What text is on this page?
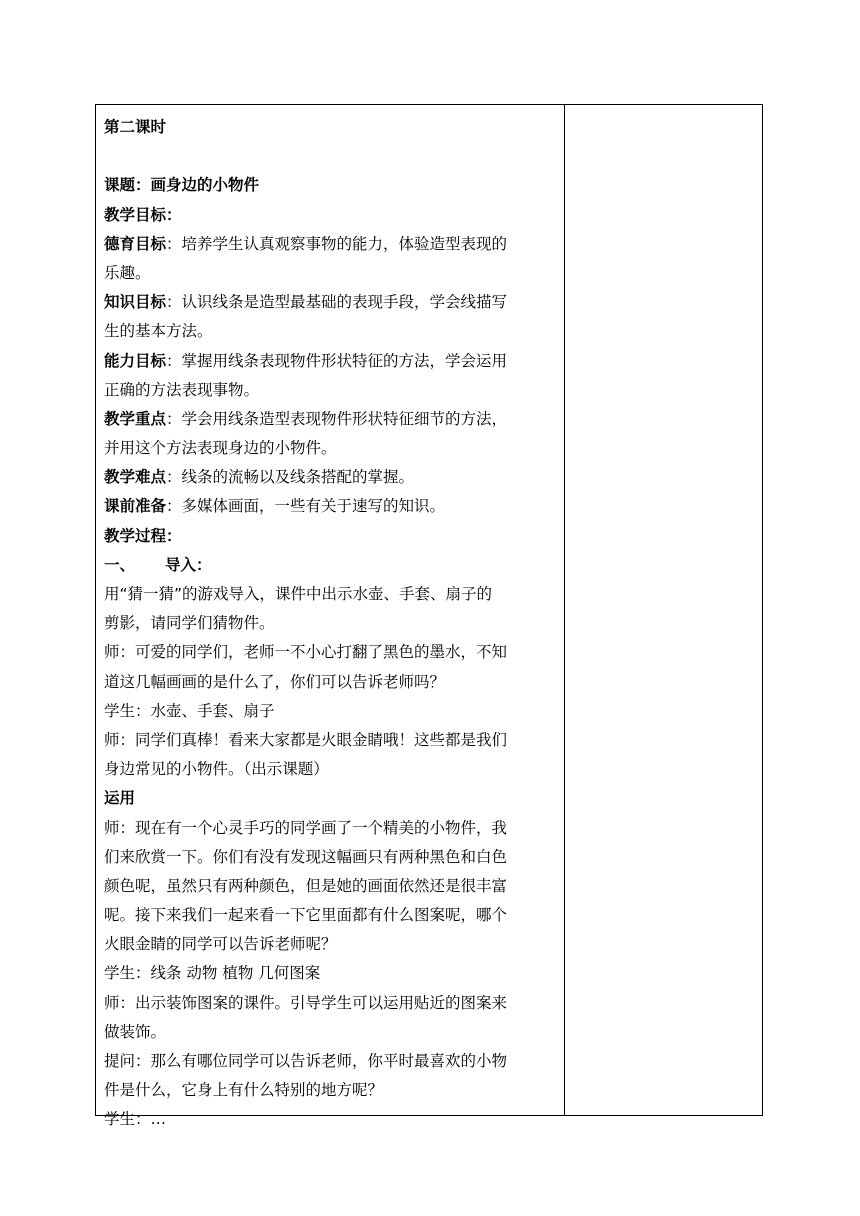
第二课时
课题：画身边的小物件
教学目标：
德育目标：培养学生认真观察事物的能力，体验造型表现的
乐趣。
知识目标：认识线条是造型最基础的表现手段，学会线描写
生的基本方法。
能力目标：掌握用线条表现物件形状特征的方法，学会运用
正确的方法表现事物。
教学重点：学会用线条造型表现物件形状特征细节的方法，
并用这个方法表现身边的小物件。
教学难点：线条的流畅以及线条搭配的掌握。
课前准备：多媒体画面，一些有关于速写的知识。
教学过程：
一、 导入：
用“猜一猜”的游戏导入，课件中出示水壶、手套、扇子的
剪影，请同学们猜物件。
师：可爱的同学们，老师一不小心打翻了黑色的墨水，不知
道这几幅画画的是什么了，你们可以告诉老师吗？
学生：水壶、手套、扇子
师：同学们真棒！看来大家都是火眼金睛哦！这些都是我们
身边常见的小物件。（出示课题）
运用
师：现在有一个心灵手巧的同学画了一个精美的小物件，我
们来欣赏一下。你们有没有发现这幅画只有两种黑色和白色
颜色呢，虽然只有两种颜色，但是她的画面依然还是很丰富
呢。接下来我们一起来看一下它里面都有什么图案呢，哪个
火眼金睛的同学可以告诉老师呢？
学生：线条 动物 植物 几何图案
师：出示装饰图案的课件。引导学生可以运用贴近的图案来
做装饰。
提问：那么有哪位同学可以告诉老师，你平时最喜欢的小物
件是什么，它身上有什么特别的地方呢？
学生：…
